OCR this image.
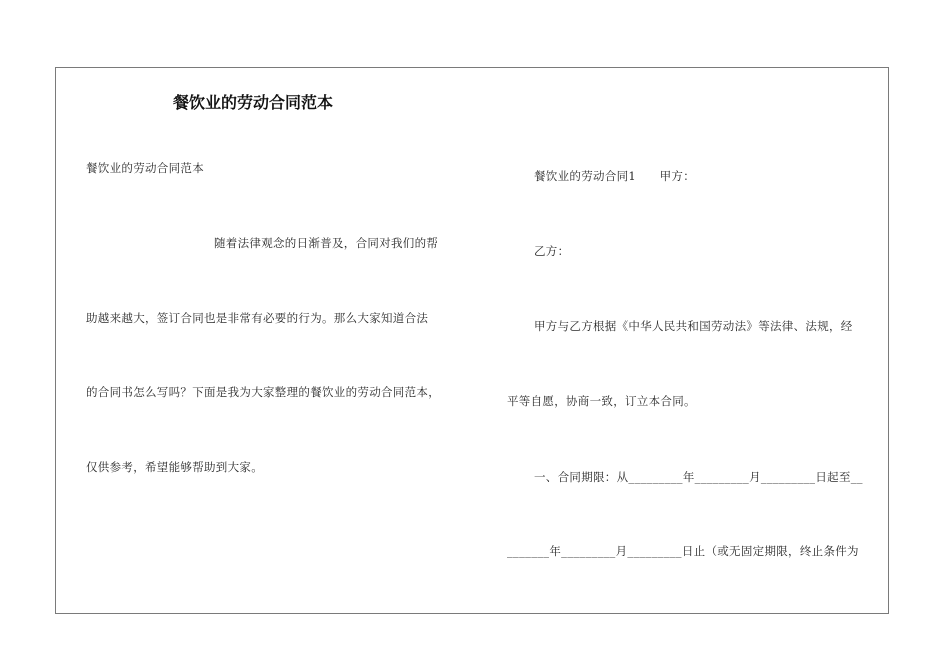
餐饮业的劳动合同范本
餐饮业的劳动合同范本
随着法律观念的日渐普及，合同对我们的帮
助越来越大，签订合同也是非常有必要的行为。那么大家知道合法
的合同书怎么写吗？下面是我为大家整理的餐饮业的劳动合同范本，
仅供参考，希望能够帮助到大家。
餐饮业的劳动合同1　　甲方：
乙方：
甲方与乙方根据《中华人民共和国劳动法》等法律、法规，经
平等自愿，协商一致，订立本合同。
一、合同期限：从_________年_________月_________日起至__
_______年_________月_________日止（或无固定期限，终止条件为
